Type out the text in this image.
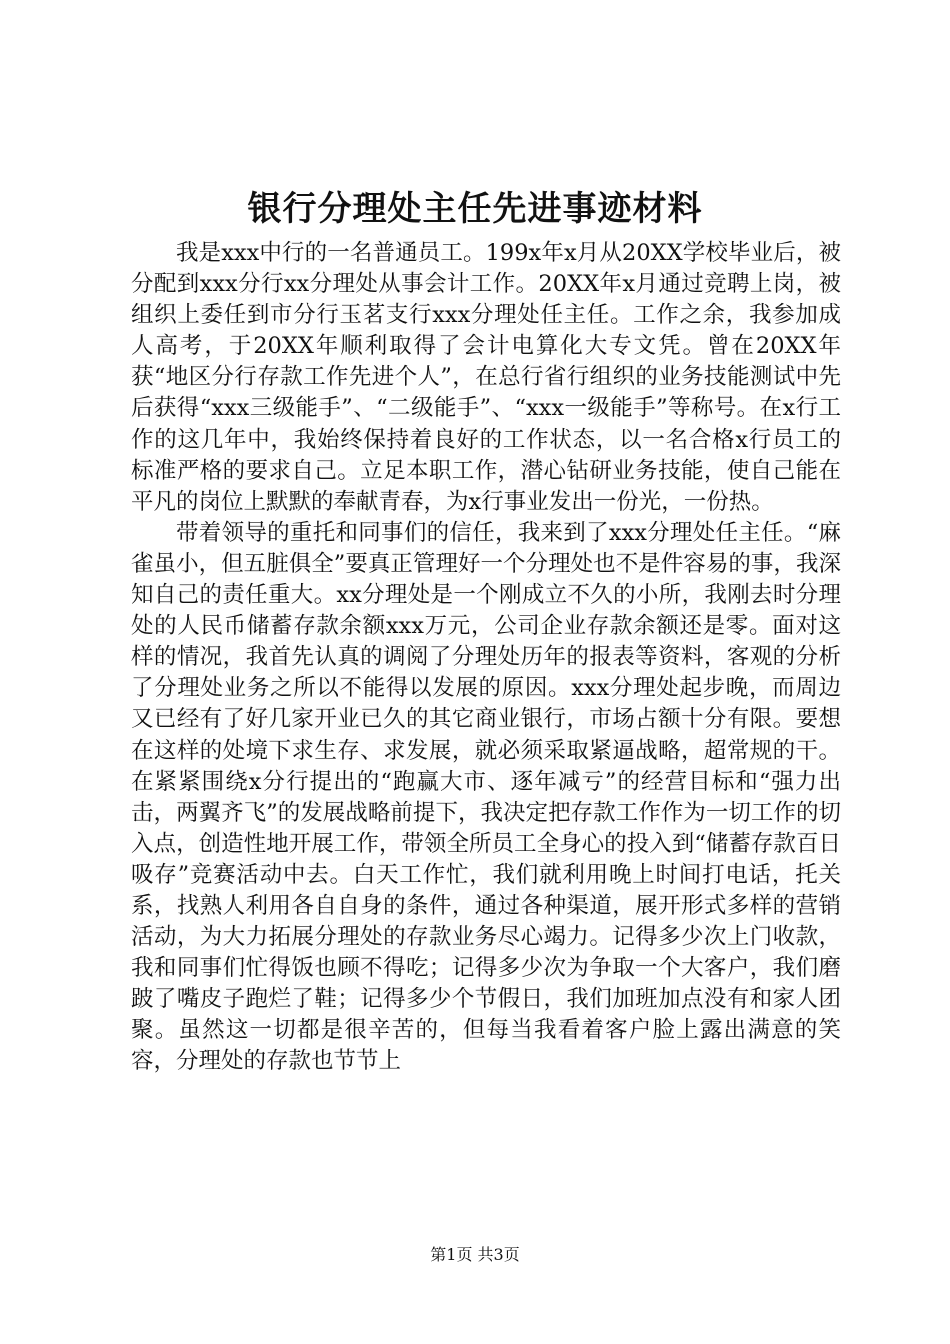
银行分理处主任先进事迹材料

我是xxx中行的一名普通员工。199x年x月从20XX学校毕业后，被分配到xxx分行xx分理处从事会计工作。20XX年x月通过竞聘上岗，被组织上委任到市分行玉茗支行xxx分理处任主任。工作之余，我参加成人高考，于20XX年顺利取得了会计电算化大专文凭。曾在20XX年获“地区分行存款工作先进个人”，在总行省行组织的业务技能测试中先后获得“xxx三级能手”、“二级能手”、“xxx一级能手”等称号。在x行工作的这几年中，我始终保持着良好的工作状态，以一名合格x行员工的标准严格的要求自己。立足本职工作，潜心钻研业务技能，使自己能在平凡的岗位上默默的奉献青春，为x行事业发出一份光，一份热。

带着领导的重托和同事们的信任，我来到了xxx分理处任主任。“麻雀虽小，但五脏俱全”要真正管理好一个分理处也不是件容易的事，我深知自己的责任重大。xx分理处是一个刚成立不久的小所，我刚去时分理处的人民币储蓄存款余额xxx万元，公司企业存款余额还是零。面对这样的情况，我首先认真的调阅了分理处历年的报表等资料，客观的分析了分理处业务之所以不能得以发展的原因。xxx分理处起步晚，而周边又已经有了好几家开业已久的其它商业银行，市场占额十分有限。要想在这样的处境下求生存、求发展，就必须采取紧逼战略，超常规的干。在紧紧围绕x分行提出的“跑赢大市、逐年减亏”的经营目标和“强力出击，两翼齐飞”的发展战略前提下，我决定把存款工作作为一切工作的切入点，创造性地开展工作，带领全所员工全身心的投入到“储蓄存款百日吸存”竞赛活动中去。白天工作忙，我们就利用晚上时间打电话，托关系，找熟人利用各自自身的条件，通过各种渠道，展开形式多样的营销活动，为大力拓展分理处的存款业务尽心竭力。记得多少次上门收款，我和同事们忙得饭也顾不得吃；记得多少次为争取一个大客户，我们磨跛了嘴皮子跑烂了鞋；记得多少个节假日，我们加班加点没有和家人团聚。虽然这一切都是很辛苦的，但每当我看着客户脸上露出满意的笑容，分理处的存款也节节上

第1页 共3页
